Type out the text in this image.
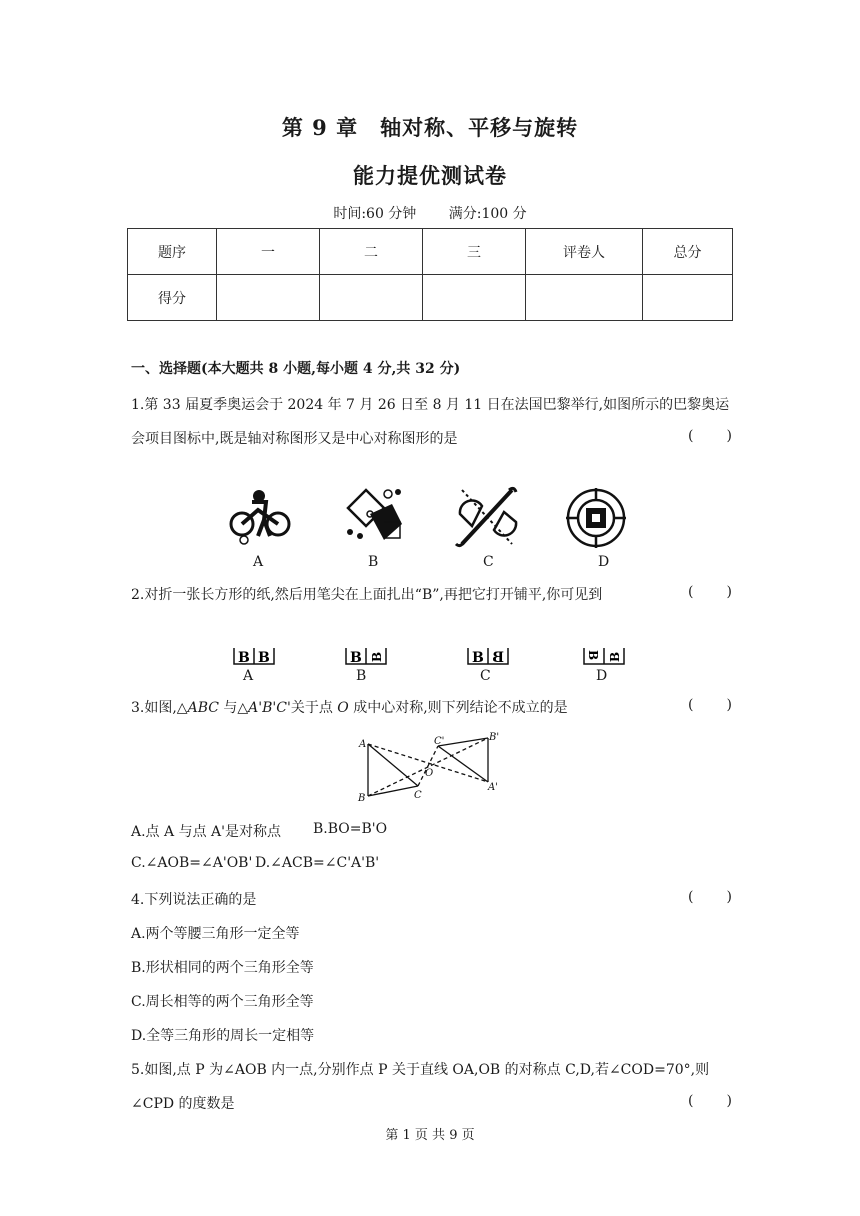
第 9 章　轴对称、平移与旋转
能力提优测试卷
时间:60 分钟 满分:100 分
题序	一	二	三	评卷人	总分
得分					
一、选择题(本大题共 8 小题,每小题 4 分,共 32 分)
1.第 33 届夏季奥运会于 2024 年 7 月 26 日至 8 月 11 日在法国巴黎举行,如图所示的巴黎奥运
会项目图标中,既是轴对称图形又是中心对称图形的是	( )
A	B	C	D
2.对折一张长方形的纸,然后用笔尖在上面扎出“B”,再把它打开铺平,你可见到	( )
B B	B B	B B	B B
A	B	C	D
3.如图,△ABC 与△A'B'C'关于点 O 成中心对称,则下列结论不成立的是	( )
A
B	C
O
C'	B'
A'
A.点 A 与点 A'是对称点 B.BO=B'O
C.∠AOB=∠A'OB' D.∠ACB=∠C'A'B'
4.下列说法正确的是	( )
A.两个等腰三角形一定全等
B.形状相同的两个三角形全等
C.周长相等的两个三角形全等
D.全等三角形的周长一定相等
5.如图,点 P 为∠AOB 内一点,分别作点 P 关于直线 OA,OB 的对称点 C,D,若∠COD=70°,则
∠CPD 的度数是	( )
第 1 页 共 9 页
